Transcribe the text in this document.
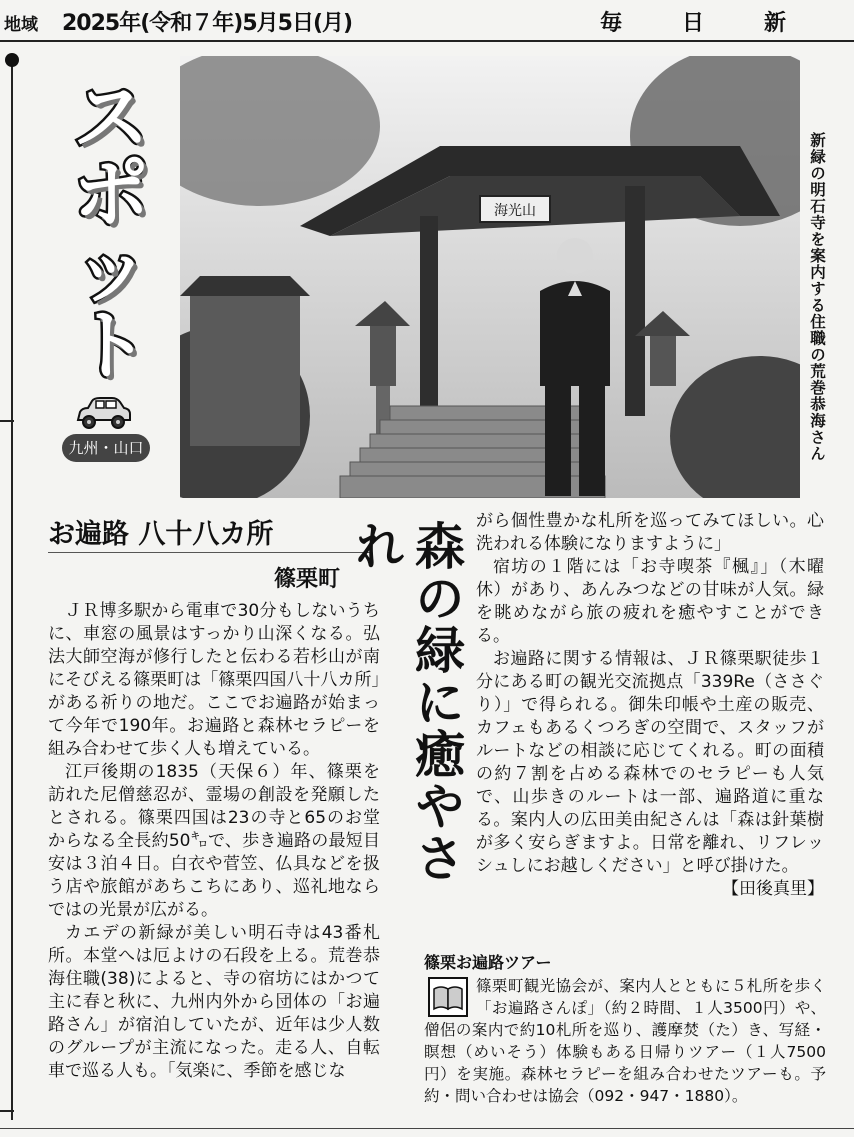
地域 2025年(令和７年)5月5日(月)	毎日新
ス
ポ
ッ
ト
九州・山口
海光山	新緑の明石寺を案内する住職の荒巻恭海さん
お遍路 八十八カ所
篠栗町	森の緑に癒やされ

ＪＲ博多駅から電車で30分もしないうちに、車窓の風景はすっかり山深くなる。弘法大師空海が修行したと伝わる若杉山が南にそびえる篠栗町は「篠栗四国八十八カ所」がある祈りの地だ。ここでお遍路が始まって今年で190年。お遍路と森林セラピーを組み合わせて歩く人も増えている。

江戸後期の1835（天保６）年、篠栗を訪れた尼僧慈忍が、霊場の創設を発願したとされる。篠栗四国は23の寺と65のお堂からなる全長約50㌔で、歩き遍路の最短目安は３泊４日。白衣や菅笠、仏具などを扱う店や旅館があちこちにあり、巡礼地ならではの光景が広がる。

カエデの新緑が美しい明石寺は43番札所。本堂へは厄よけの石段を上る。荒巻恭海住職(38)によると、寺の宿坊にはかつて主に春と秋に、九州内外から団体の「お遍路さん」が宿泊していたが、近年は少人数のグループが主流になった。走る人、自転車で巡る人も。「気楽に、季節を感じな

がら個性豊かな札所を巡ってみてほしい。心洗われる体験になりますように」

宿坊の１階には「お寺喫茶『楓』」（木曜休）があり、あんみつなどの甘味が人気。緑を眺めながら旅の疲れを癒やすことができる。

お遍路に関する情報は、ＪＲ篠栗駅徒歩１分にある町の観光交流拠点「339Re（ささぐり）」で得られる。御朱印帳や土産の販売、カフェもあるくつろぎの空間で、スタッフがルートなどの相談に応じてくれる。町の面積の約７割を占める森林でのセラピーも人気で、山歩きのルートは一部、遍路道に重なる。案内人の広田美由紀さんは「森は針葉樹が多く安らぎますよ。日常を離れ、リフレッシュしにお越しください」と呼び掛けた。

【田後真里】
篠栗お遍路ツアー
篠栗町観光協会が、案内人とともに５札所を歩く「お遍路さんぽ」（約２時間、１人3500円）や、僧侶の案内で約10札所を巡り、護摩焚（た）き、写経・瞑想（めいそう）体験もある日帰りツアー（１人7500円）を実施。森林セラピーを組み合わせたツアーも。予約・問い合わせは協会（092・947・1880）。
